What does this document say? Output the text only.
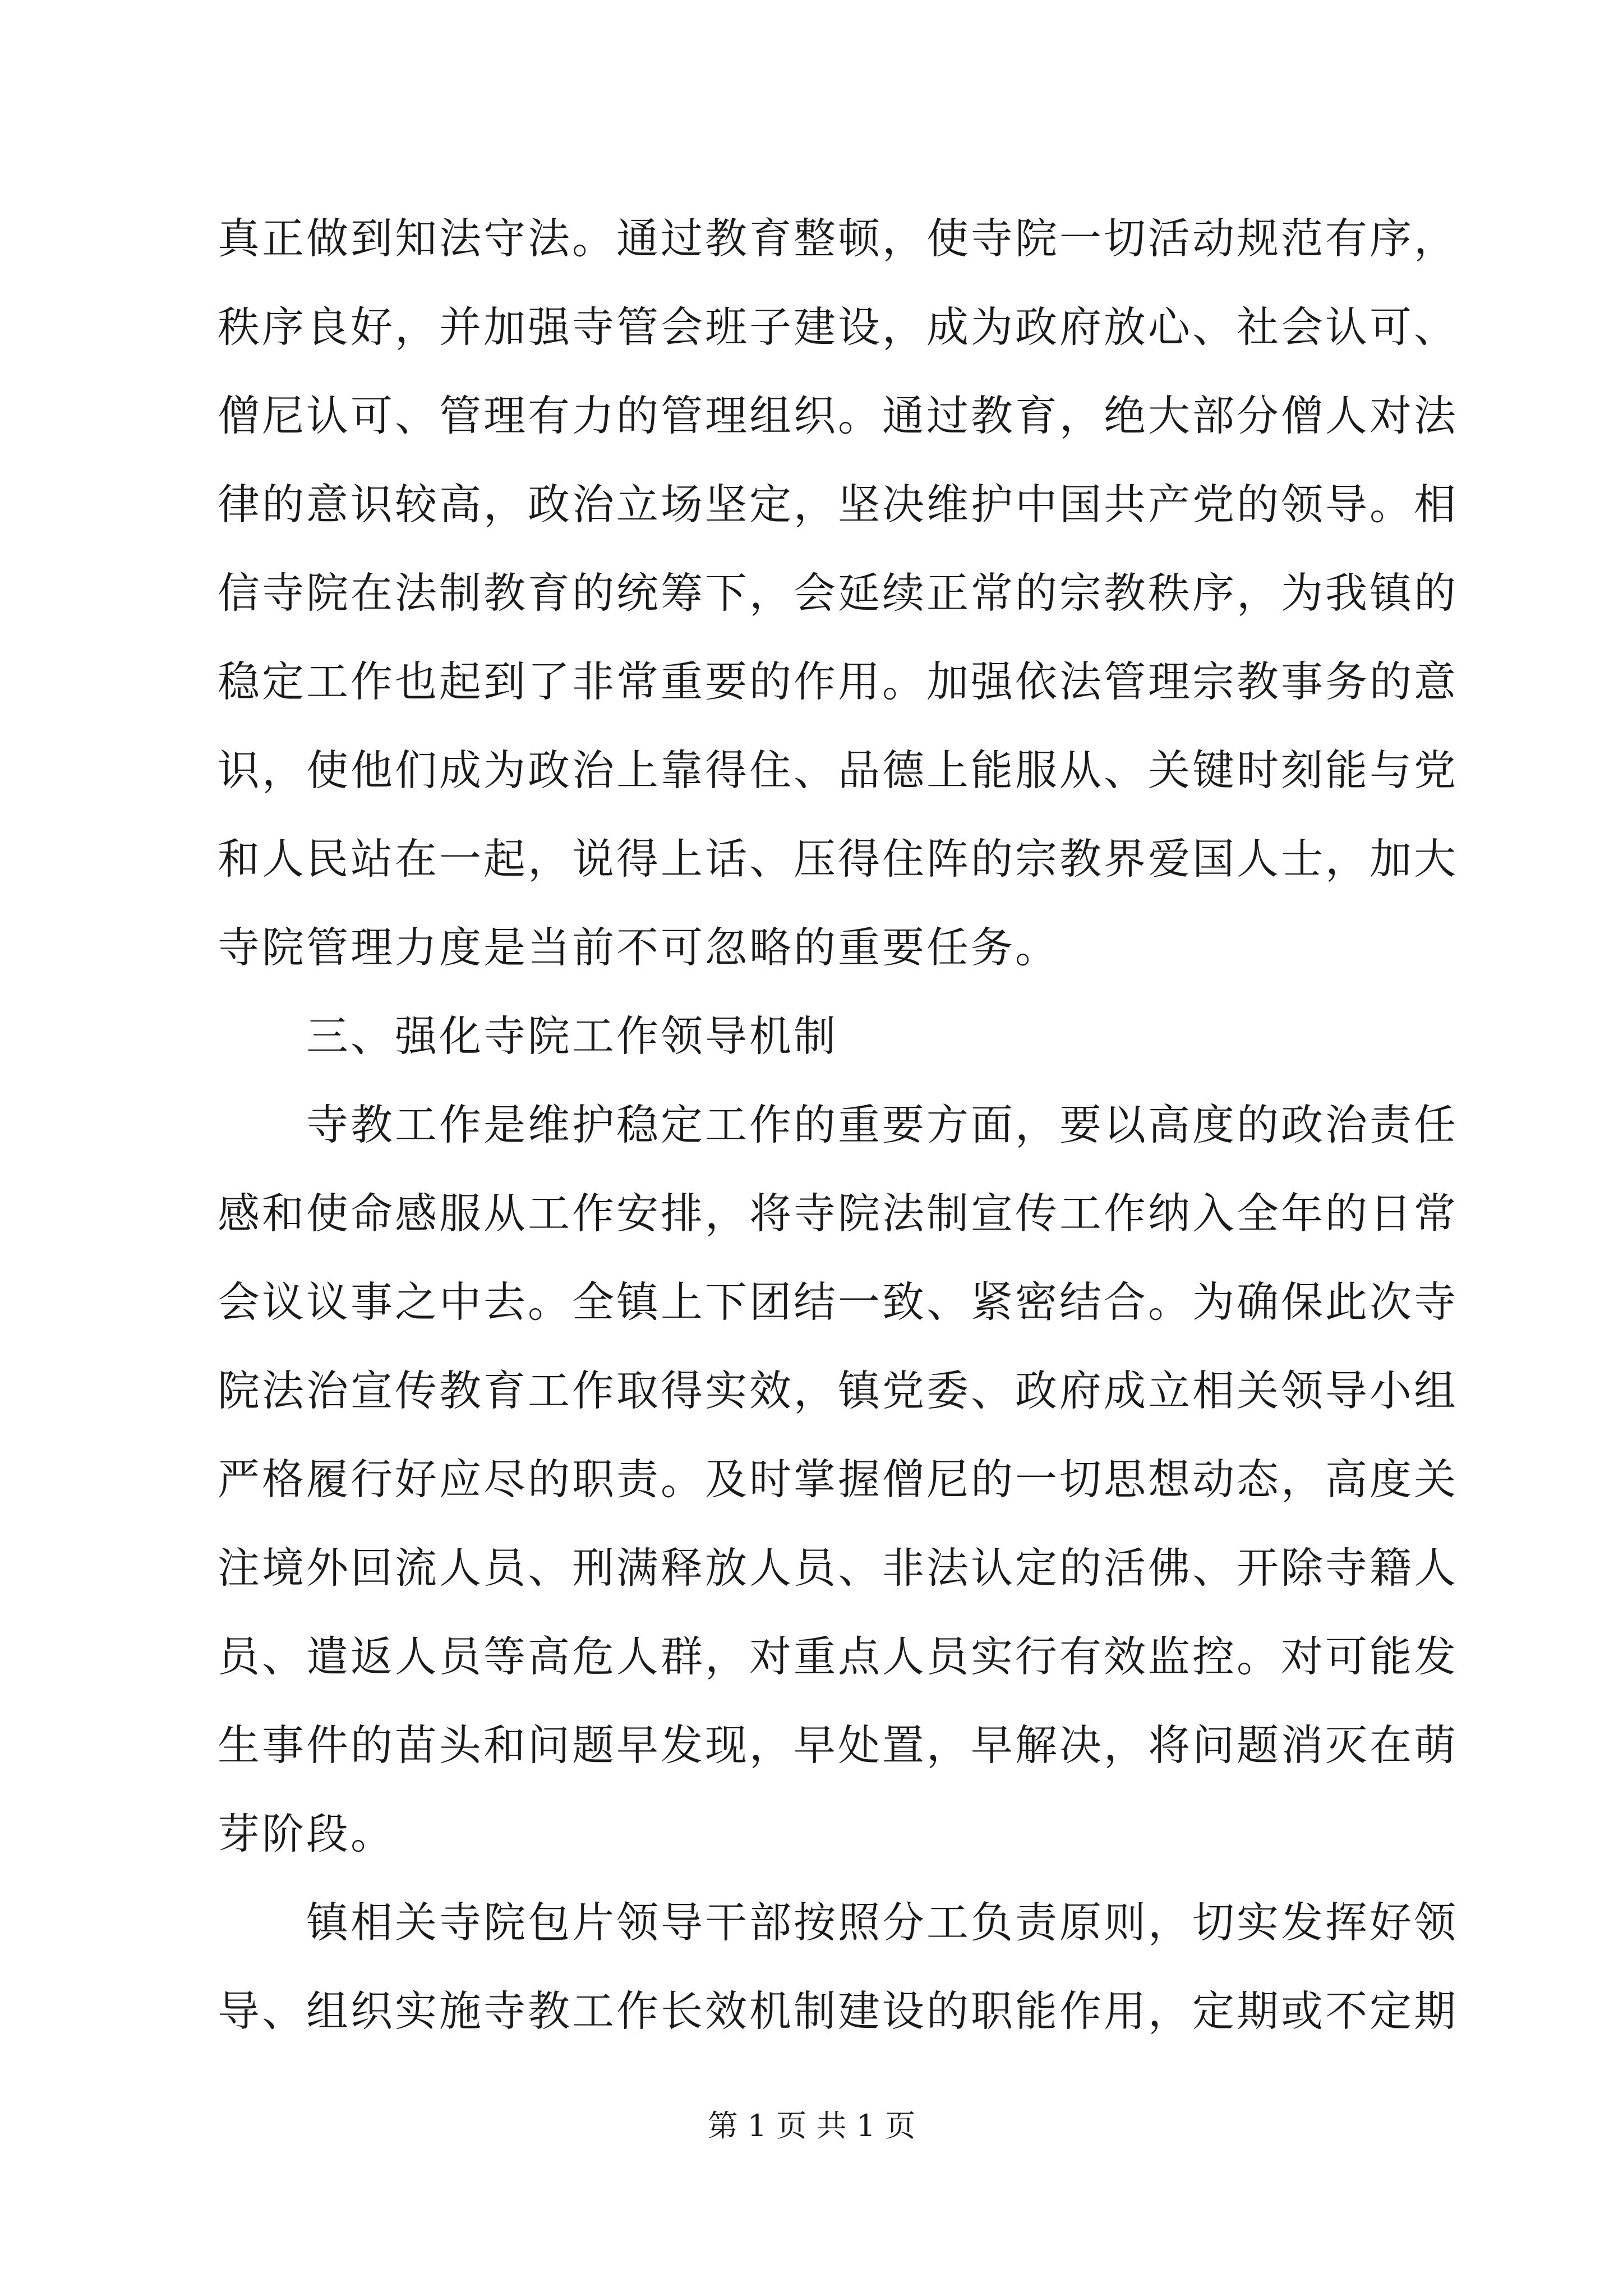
真正做到知法守法。通过教育整顿，使寺院一切活动规范有序，
秩序良好，并加强寺管会班子建设，成为政府放心、社会认可、
僧尼认可、管理有力的管理组织。通过教育，绝大部分僧人对法
律的意识较高，政治立场坚定，坚决维护中国共产党的领导。相
信寺院在法制教育的统筹下，会延续正常的宗教秩序，为我镇的
稳定工作也起到了非常重要的作用。加强依法管理宗教事务的意
识，使他们成为政治上靠得住、品德上能服从、关键时刻能与党
和人民站在一起，说得上话、压得住阵的宗教界爱国人士，加大
寺院管理力度是当前不可忽略的重要任务。
　　三、强化寺院工作领导机制
　　寺教工作是维护稳定工作的重要方面，要以高度的政治责任
感和使命感服从工作安排，将寺院法制宣传工作纳入全年的日常
会议议事之中去。全镇上下团结一致、紧密结合。为确保此次寺
院法治宣传教育工作取得实效，镇党委、政府成立相关领导小组
严格履行好应尽的职责。及时掌握僧尼的一切思想动态，高度关
注境外回流人员、刑满释放人员、非法认定的活佛、开除寺籍人
员、遣返人员等高危人群，对重点人员实行有效监控。对可能发
生事件的苗头和问题早发现，早处置，早解决，将问题消灭在萌
芽阶段。
　　镇相关寺院包片领导干部按照分工负责原则，切实发挥好领
导、组织实施寺教工作长效机制建设的职能作用，定期或不定期
第 1 页 共 1 页
